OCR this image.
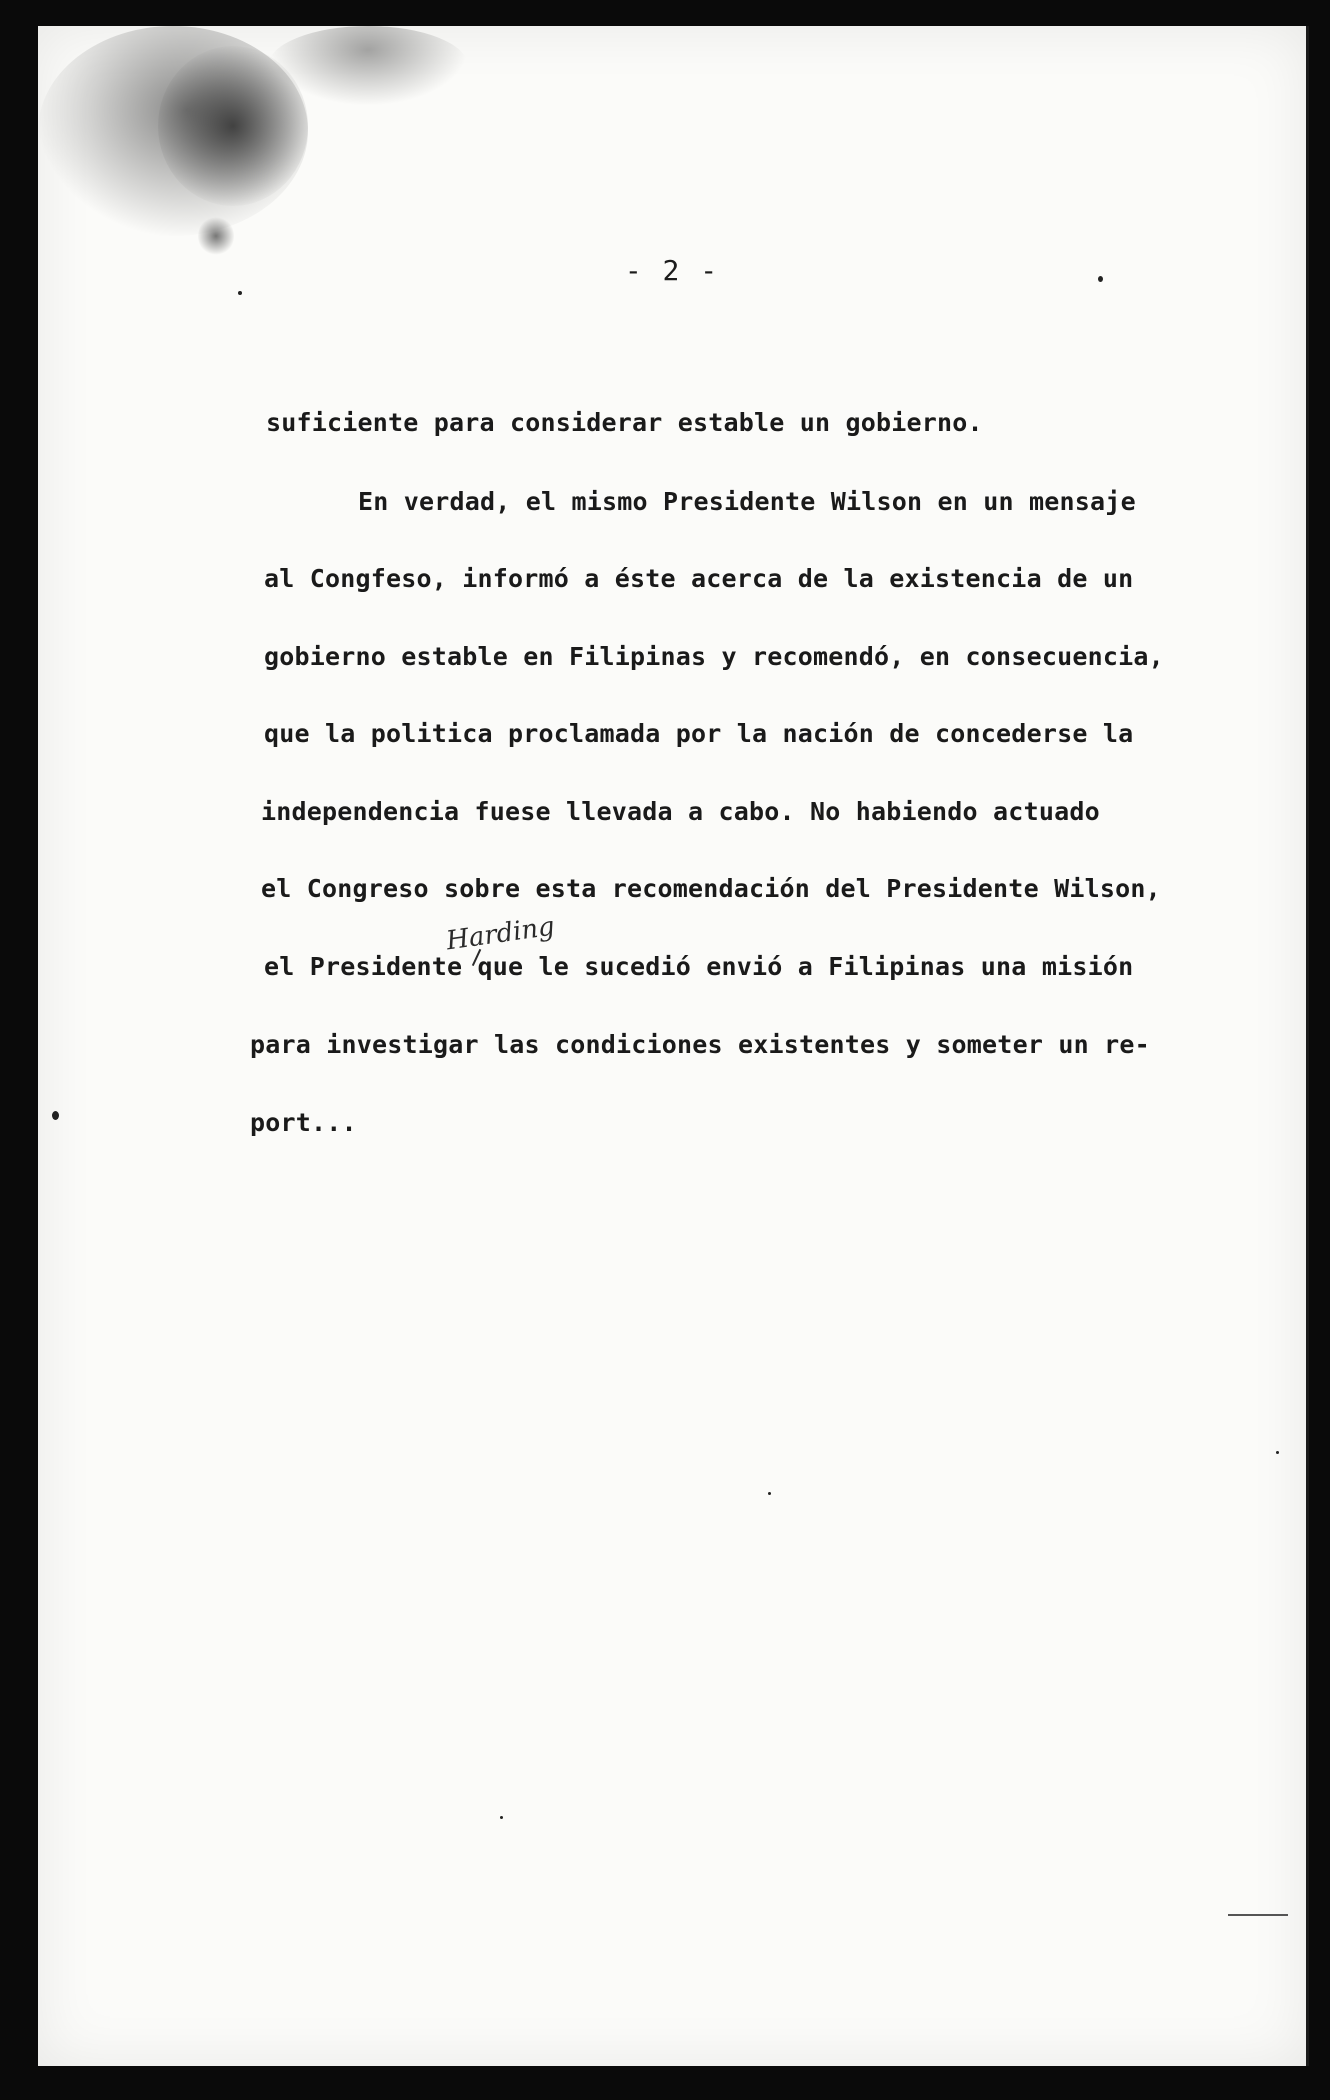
- 2 -
suficiente para considerar estable un gobierno.
En verdad, el mismo Presidente Wilson en un mensaje
al Congfeso, informó a éste acerca de la existencia de un
gobierno estable en Filipinas y recomendó, en consecuencia,
que la politica proclamada por la nación de concederse la
independencia fuese llevada a cabo. No habiendo actuado
el Congreso sobre esta recomendación del Presidente Wilson,
el Presidente que le sucedió envió a Filipinas una misión
para investigar las condiciones existentes y someter un re-
port...
Harding
